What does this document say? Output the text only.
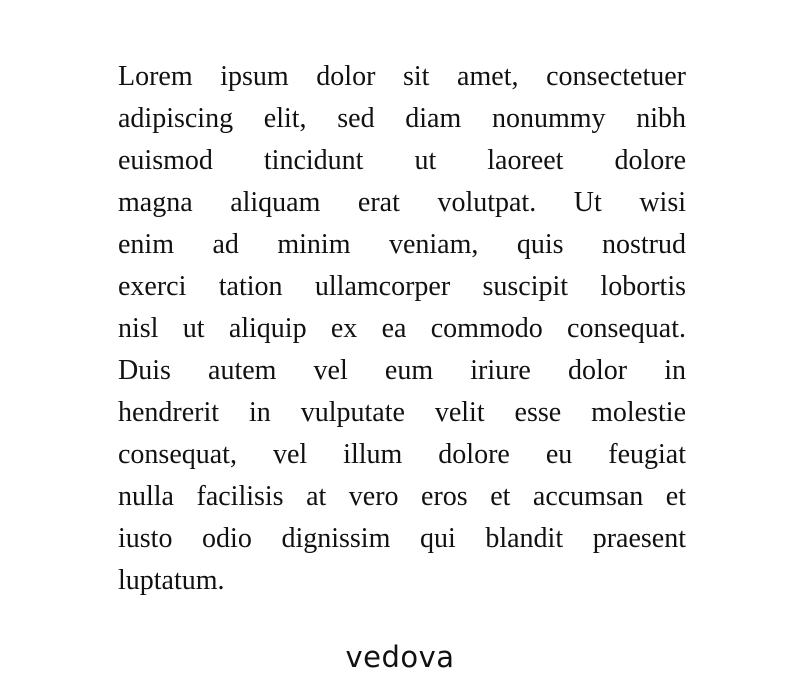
Lorem ipsum dolor sit amet, consectetuer
adipiscing elit, sed diam nonummy nibh
euismod tincidunt ut laoreet dolore
magna aliquam erat volutpat. Ut wisi
enim ad minim veniam, quis nostrud
exerci tation ullamcorper suscipit lobortis
nisl ut aliquip ex ea commodo consequat.
Duis autem vel eum iriure dolor in
hendrerit in vulputate velit esse molestie
consequat, vel illum dolore eu feugiat
nulla facilisis at vero eros et accumsan et
iusto odio dignissim qui blandit praesent
luptatum.
vedova
